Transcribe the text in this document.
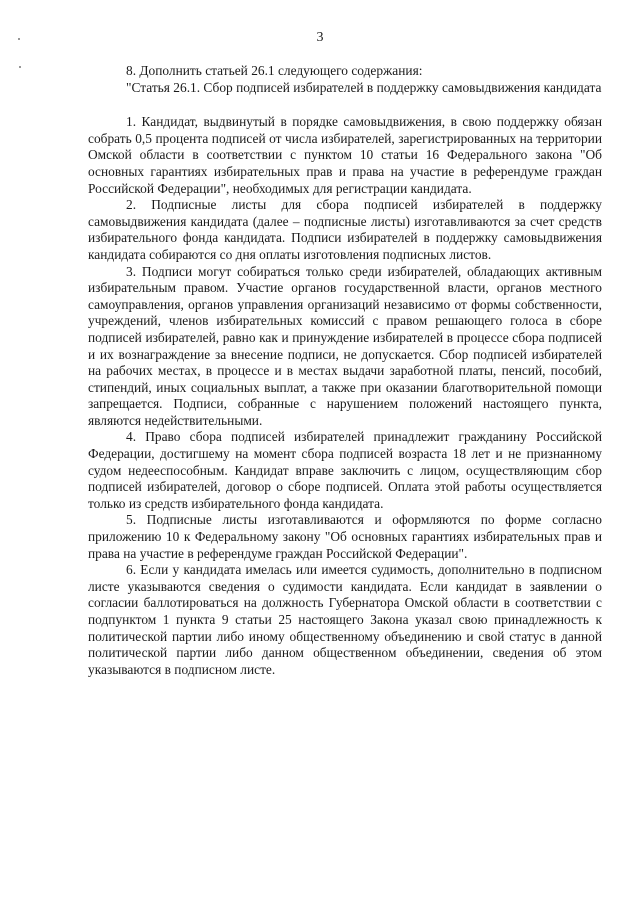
3

8. Дополнить статьей 26.1 следующего содержания:

"Статья 26.1. Сбор подписей избирателей в поддержку самовыдвижения кандидата

1. Кандидат, выдвинутый в порядке самовыдвижения, в свою поддержку обязан собрать 0,5 процента подписей от числа избирателей, зарегистрированных на территории Омской области в соответствии с пунктом 10 статьи 16 Федерального закона "Об основных гарантиях избирательных прав и права на участие в референдуме граждан Российской Федерации", необходимых для регистрации кандидата.

2. Подписные листы для сбора подписей избирателей в поддержку самовыдвижения кандидата (далее – подписные листы) изготавливаются за счет средств избирательного фонда кандидата. Подписи избирателей в поддержку самовыдвижения кандидата собираются со дня оплаты изготовления подписных листов.

3. Подписи могут собираться только среди избирателей, обладающих активным избирательным правом. Участие органов государственной власти, органов местного самоуправления, органов управления организаций независимо от формы собственности, учреждений, членов избирательных комиссий с правом решающего голоса в сборе подписей избирателей, равно как и принуждение избирателей в процессе сбора подписей и их вознаграждение за внесение подписи, не допускается. Сбор подписей избирателей на рабочих местах, в процессе и в местах выдачи заработной платы, пенсий, пособий, стипендий, иных социальных выплат, а также при оказании благотворительной помощи запрещается. Подписи, собранные с нарушением положений настоящего пункта, являются недействительными.

4. Право сбора подписей избирателей принадлежит гражданину Российской Федерации, достигшему на момент сбора подписей возраста 18 лет и не признанному судом недееспособным. Кандидат вправе заключить с лицом, осуществляющим сбор подписей избирателей, договор о сборе подписей. Оплата этой работы осуществляется только из средств избирательного фонда кандидата.

5. Подписные листы изготавливаются и оформляются по форме согласно приложению 10 к Федеральному закону "Об основных гарантиях избирательных прав и права на участие в референдуме граждан Российской Федерации".

6. Если у кандидата имелась или имеется судимость, дополнительно в подписном листе указываются сведения о судимости кандидата. Если кандидат в заявлении о согласии баллотироваться на должность Губернатора Омской области в соответствии с подпунктом 1 пункта 9 статьи 25 настоящего Закона указал свою принадлежность к политической партии либо иному общественному объединению и свой статус в данной политической партии либо данном общественном объединении, сведения об этом указываются в подписном листе.
